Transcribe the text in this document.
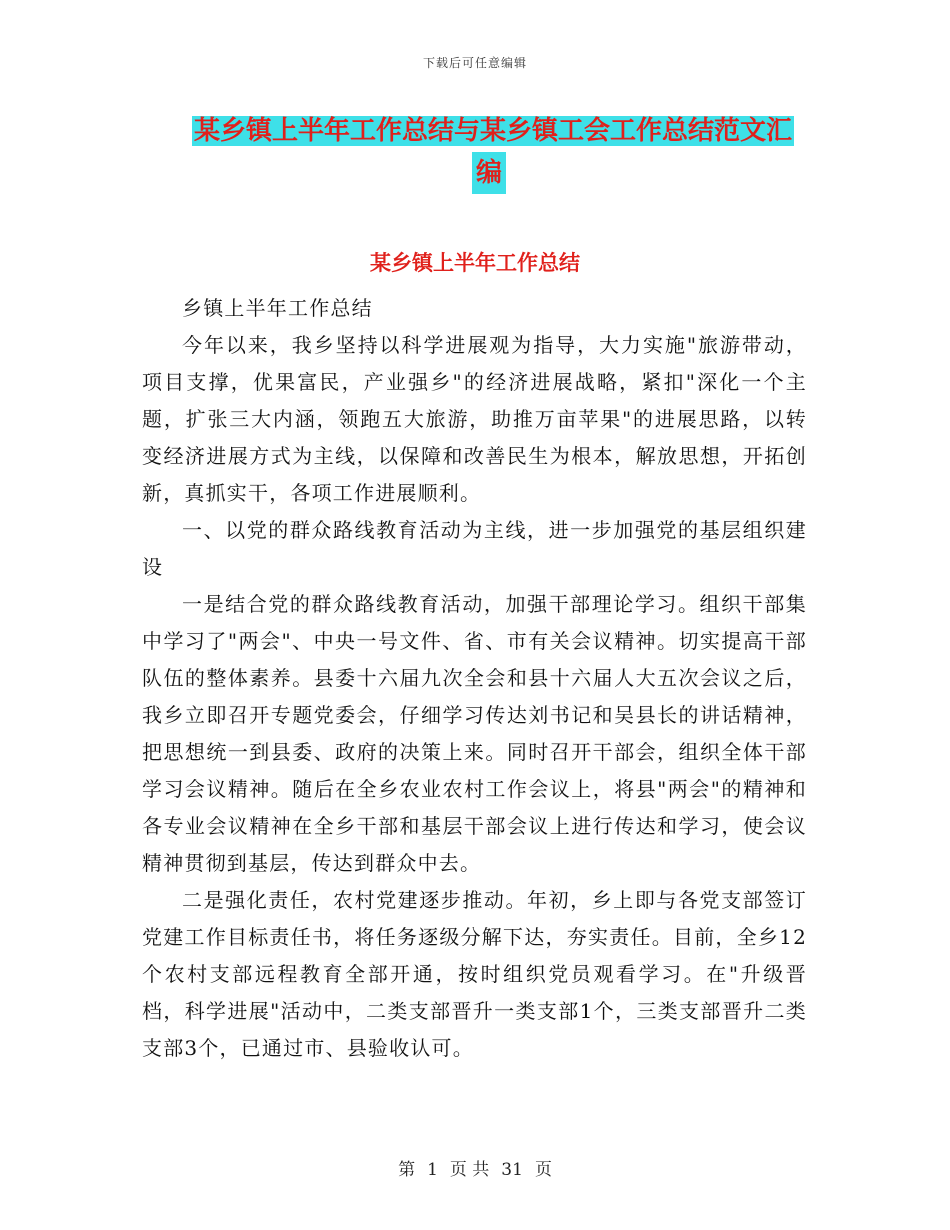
下载后可任意编辑
某乡镇上半年工作总结与某乡镇工会工作总结范文汇
编
某乡镇上半年工作总结

乡镇上半年工作总结

今年以来，我乡坚持以科学进展观为指导，大力实施"旅游带动，项目支撑，优果富民，产业强乡"的经济进展战略，紧扣"深化一个主题，扩张三大内涵，领跑五大旅游，助推万亩苹果"的进展思路，以转变经济进展方式为主线，以保障和改善民生为根本，解放思想，开拓创新，真抓实干，各项工作进展顺利。

一、以党的群众路线教育活动为主线，进一步加强党的基层组织建设

一是结合党的群众路线教育活动，加强干部理论学习。组织干部集中学习了"两会"、中央一号文件、省、市有关会议精神。切实提高干部队伍的整体素养。县委十六届九次全会和县十六届人大五次会议之后，我乡立即召开专题党委会，仔细学习传达刘书记和吴县长的讲话精神，把思想统一到县委、政府的决策上来。同时召开干部会，组织全体干部学习会议精神。随后在全乡农业农村工作会议上，将县"两会"的精神和各专业会议精神在全乡干部和基层干部会议上进行传达和学习，使会议精神贯彻到基层，传达到群众中去。

二是强化责任，农村党建逐步推动。年初，乡上即与各党支部签订党建工作目标责任书，将任务逐级分解下达，夯实责任。目前，全乡12个农村支部远程教育全部开通，按时组织党员观看学习。在"升级晋档，科学进展"活动中，二类支部晋升一类支部1个，三类支部晋升二类支部3个，已通过市、县验收认可。

第 1 页 共 31 页
